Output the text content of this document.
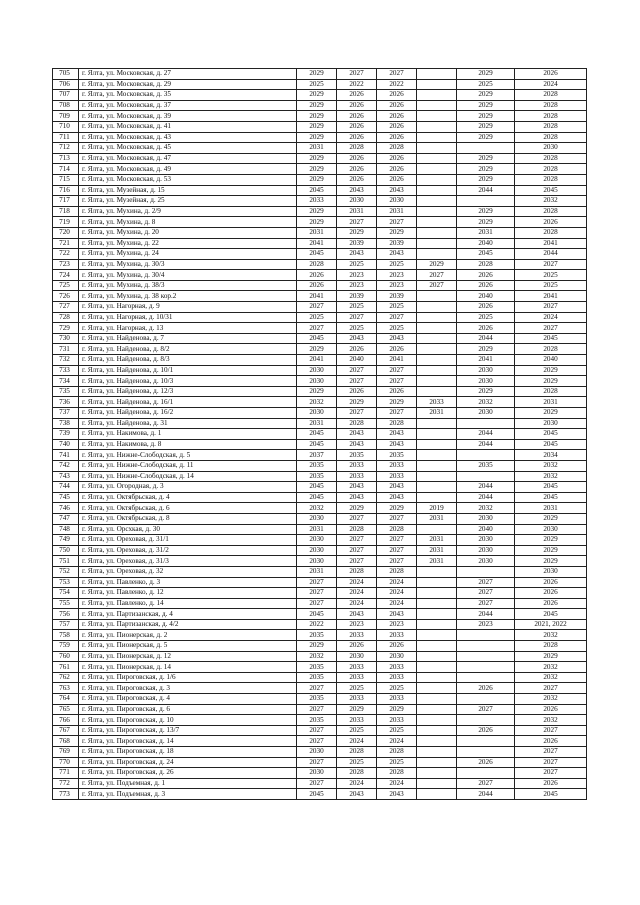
705	г. Ялта, ул. Московская, д. 27	2029	2027	2027		2029	2026
706	г. Ялта, ул. Московская, д. 29	2025	2022	2022		2025	2024
707	г. Ялта, ул. Московская, д. 35	2029	2026	2026		2029	2028
708	г. Ялта, ул. Московская, д. 37	2029	2026	2026		2029	2028
709	г. Ялта, ул. Московская, д. 39	2029	2026	2026		2029	2028
710	г. Ялта, ул. Московская, д. 41	2029	2026	2026		2029	2028
711	г. Ялта, ул. Московская, д. 43	2029	2026	2026		2029	2028
712	г. Ялта, ул. Московская, д. 45	2031	2028	2028			2030
713	г. Ялта, ул. Московская, д. 47	2029	2026	2026		2029	2028
714	г. Ялта, ул. Московская, д. 49	2029	2026	2026		2029	2028
715	г. Ялта, ул. Московская, д. 53	2029	2026	2026		2029	2028
716	г. Ялта, ул. Музейная, д. 15	2045	2043	2043		2044	2045
717	г. Ялта, ул. Музейная, д. 25	2033	2030	2030			2032
718	г. Ялта, ул. Мухина, д. 2/9	2029	2031	2031		2029	2028
719	г. Ялта, ул. Мухина, д. 8	2029	2027	2027		2029	2026
720	г. Ялта, ул. Мухина, д. 20	2031	2029	2029		2031	2028
721	г. Ялта, ул. Мухина, д. 22	2041	2039	2039		2040	2041
722	г. Ялта, ул. Мухина, д. 24	2045	2043	2043		2045	2044
723	г. Ялта, ул. Мухина, д. 30/3	2028	2025	2025	2029	2028	2027
724	г. Ялта, ул. Мухина, д. 30/4	2026	2023	2023	2027	2026	2025
725	г. Ялта, ул. Мухина, д. 38/3	2026	2023	2023	2027	2026	2025
726	г. Ялта, ул. Мухина, д. 38 кор.2	2041	2039	2039		2040	2041
727	г. Ялта, ул. Нагорная, д. 9	2027	2025	2025		2026	2027
728	г. Ялта, ул. Нагорная, д. 10/31	2025	2027	2027		2025	2024
729	г. Ялта, ул. Нагорная, д. 13	2027	2025	2025		2026	2027
730	г. Ялта, ул. Найденова, д. 7	2045	2043	2043		2044	2045
731	г. Ялта, ул. Найденова, д. 8/2	2029	2026	2026		2029	2028
732	г. Ялта, ул. Найденова, д. 8/3	2041	2040	2041		2041	2040
733	г. Ялта, ул. Найденова, д. 10/1	2030	2027	2027		2030	2029
734	г. Ялта, ул. Найденова, д. 10/3	2030	2027	2027		2030	2029
735	г. Ялта, ул. Найденова, д. 12/3	2029	2026	2026		2029	2028
736	г. Ялта, ул. Найденова, д. 16/1	2032	2029	2029	2033	2032	2031
737	г. Ялта, ул. Найденова, д. 16/2	2030	2027	2027	2031	2030	2029
738	г. Ялта, ул. Найденова, д. 31	2031	2028	2028			2030
739	г. Ялта, ул. Накимова, д. 1	2045	2043	2043		2044	2045
740	г. Ялта, ул. Накимова, д. 8	2045	2043	2043		2044	2045
741	г. Ялта, ул. Нижне-Слободская, д. 5	2037	2035	2035			2034
742	г. Ялта, ул. Нижне-Слободская, д. 11	2035	2033	2033		2035	2032
743	г. Ялта, ул. Нижне-Слободская, д. 14	2035	2033	2033			2032
744	г. Ялта, ул. Огородная, д. 3	2045	2043	2043		2044	2045
745	г. Ялта, ул. Октябрьская, д. 4	2045	2043	2043		2044	2045
746	г. Ялта, ул. Октябрьская, д. 6	2032	2029	2029	2019	2032	2031
747	г. Ялта, ул. Октябрьская, д. 8	2030	2027	2027	2031	2030	2029
748	г. Ялта, ул. Орсхкая, д. 30	2031	2028	2028		2040	2030
749	г. Ялта, ул. Ореховая, д. 31/1	2030	2027	2027	2031	2030	2029
750	г. Ялта, ул. Ореховая, д. 31/2	2030	2027	2027	2031	2030	2029
751	г. Ялта, ул. Ореховая, д. 31/3	2030	2027	2027	2031	2030	2029
752	г. Ялта, ул. Ореховая, д. 32	2031	2028	2028			2030
753	г. Ялта, ул. Павленко, д. 3	2027	2024	2024		2027	2026
754	г. Ялта, ул. Павленко, д. 12	2027	2024	2024		2027	2026
755	г. Ялта, ул. Павленко, д. 14	2027	2024	2024		2027	2026
756	г. Ялта, ул. Партизанская, д. 4	2045	2043	2043		2044	2045
757	г. Ялта, ул. Партизанская, д. 4/2	2022	2023	2023		2023	2021, 2022
758	г. Ялта, ул. Пионерская, д. 2	2035	2033	2033			2032
759	г. Ялта, ул. Пионерская, д. 5	2029	2026	2026			2028
760	г. Ялта, ул. Пионерская, д. 12	2032	2030	2030			2029
761	г. Ялта, ул. Пионерская, д. 14	2035	2033	2033			2032
762	г. Ялта, ул. Пироговская, д. 1/6	2035	2033	2033			2032
763	г. Ялта, ул. Пироговская, д. 3	2027	2025	2025		2026	2027
764	г. Ялта, ул. Пироговская, д. 4	2035	2033	2033			2032
765	г. Ялта, ул. Пироговская, д. 6	2027	2029	2029		2027	2026
766	г. Ялта, ул. Пироговская, д. 10	2035	2033	2033			2032
767	г. Ялта, ул. Пироговская, д. 13/7	2027	2025	2025		2026	2027
768	г. Ялта, ул. Пироговская, д. 14	2027	2024	2024			2026
769	г. Ялта, ул. Пироговская, д. 18	2030	2028	2028			2027
770	г. Ялта, ул. Пироговская, д. 24	2027	2025	2025		2026	2027
771	г. Ялта, ул. Пироговская, д. 26	2030	2028	2028			2027
772	г. Ялта, ул. Подъемная, д. 1	2027	2024	2024		2027	2026
773	г. Ялта, ул. Подъемная, д. 3	2045	2043	2043		2044	2045
